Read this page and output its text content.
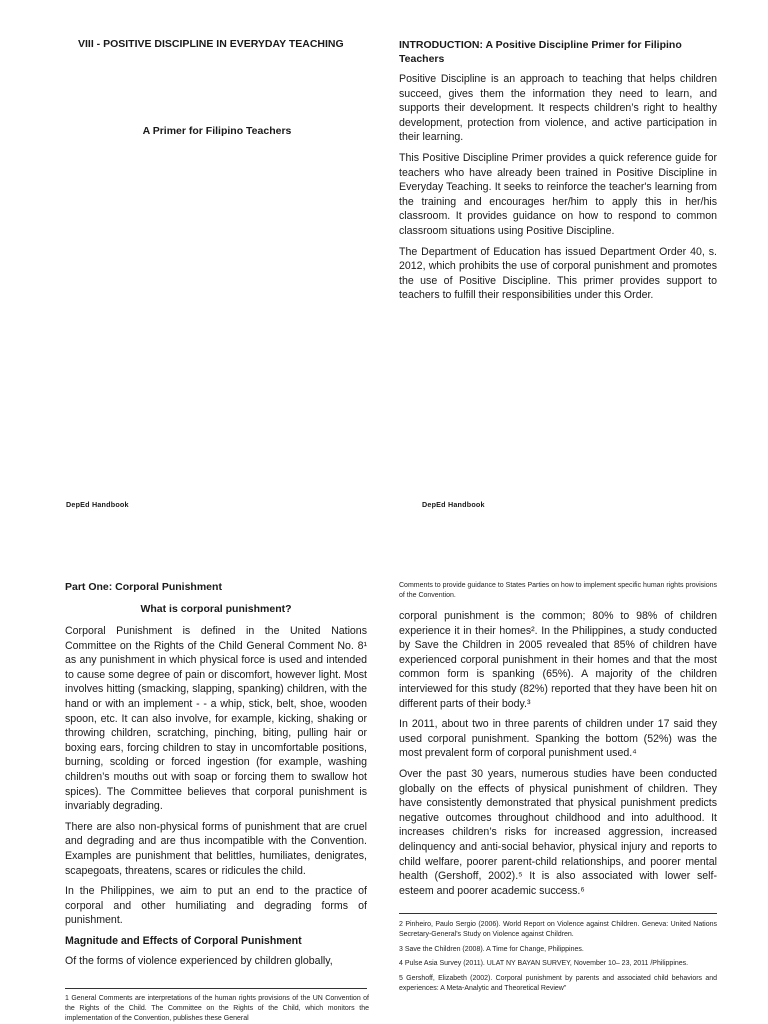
VIII - POSITIVE DISCIPLINE IN EVERYDAY TEACHING
A Primer for Filipino Teachers
DepEd Handbook
INTRODUCTION: A Positive Discipline Primer for Filipino Teachers

Positive Discipline is an approach to teaching that helps children succeed, gives them the information they need to learn, and supports their development. It respects children’s right to healthy development, protection from violence, and active participation in their learning.

This Positive Discipline Primer provides a quick reference guide for teachers who have already been trained in Positive Discipline in Everyday Teaching. It seeks to reinforce the teacher's learning from the training and encourages her/him to apply this in her/his classroom. It provides guidance on how to respond to common classroom situations using Positive Discipline.

The Department of Education has issued Department Order 40, s. 2012, which prohibits the use of corporal punishment and promotes the use of Positive Discipline. This primer provides support to teachers to fulfill their responsibilities under this Order.

DepEd Handbook
Part One: Corporal Punishment
What is corporal punishment?

Corporal Punishment is defined in the United Nations Committee on the Rights of the Child General Comment No. 8¹ as any punishment in which physical force is used and intended to cause some degree of pain or discomfort, however light. Most involves hitting (smacking, slapping, spanking) children, with the hand or with an implement - - a whip, stick, belt, shoe, wooden spoon, etc. It can also involve, for example, kicking, shaking or throwing children, scratching, pinching, biting, pulling hair or boxing ears, forcing children to stay in uncomfortable positions, burning, scolding or forced ingestion (for example, washing children’s mouths out with soap or forcing them to swallow hot spices). The Committee believes that corporal punishment is invariably degrading.

There are also non-physical forms of punishment that are cruel and degrading and are thus incompatible with the Convention. Examples are punishment that belittles, humiliates, denigrates, scapegoats, threatens, scares or ridicules the child.

In the Philippines, we aim to put an end to the practice of corporal and other humiliating and degrading forms of punishment.

Magnitude and Effects of Corporal Punishment

Of the forms of violence experienced by children globally,

1 General Comments are interpretations of the human rights provisions of the UN Convention of the Rights of the Child. The Committee on the Rights of the Child, which monitors the implementation of the Convention, publishes these General

Comments to provide guidance to States Parties on how to implement specific human rights provisions of the Convention.

corporal punishment is the common; 80% to 98% of children experience it in their homes². In the Philippines, a study conducted by Save the Children in 2005 revealed that 85% of children have experienced corporal punishment in their homes and that the most common form is spanking (65%). A majority of the children interviewed for this study (82%) reported that they have been hit on different parts of their body.³

In 2011, about two in three parents of children under 17 said they used corporal punishment. Spanking the bottom (52%) was the most prevalent form of corporal punishment used.⁴

Over the past 30 years, numerous studies have been conducted globally on the effects of physical punishment of children. They have consistently demonstrated that physical punishment predicts negative outcomes throughout childhood and into adulthood. It increases children’s risks for increased aggression, increased delinquency and anti-social behavior, physical injury and reports to child welfare, poorer parent-child relationships, and poorer mental health (Gershoff, 2002).⁵ It is also associated with lower self-esteem and poorer academic success.⁶

2 Pinheiro, Paulo Sergio (2006). World Report on Violence against Children. Geneva: United Nations Secretary-General's Study on Violence against Children.

3 Save the Children (2008). A Time for Change, Philippines.

4 Pulse Asia Survey (2011). ULAT NY BAYAN SURVEY, November 10– 23, 2011 /Philippines.

5 Gershoff, Elizabeth (2002). Corporal punishment by parents and associated child behaviors and experiences: A Meta-Analytic and Theoretical Review"
